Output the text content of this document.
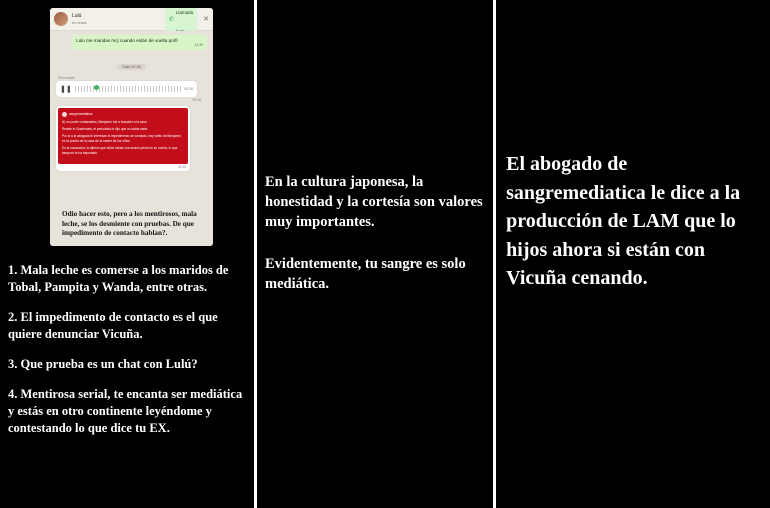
Lulú
en línea	✆
Llamada

✕
Lulu me mandas mcj cuando están de vuelta porfi
13:39
Date 02:36
Reenviado
❚❚	00:28
04:18
sangremediatica

A) no poder contactarlos, Benjamín fue a buscarlo a la casa

Reside in Guatemala, el periodista le dijo que no sabía nada

Por si a la abogada le interesan el impedimento de contacto, hay video de Benjamín en la puerta de la casa de la madre de los niños

En la cucaracha, la dijeron que adiós iniciar una acción penal en su contra, lo que tampoco le ha importado.

02:36
Odio hacer esto, pero a los mentirosos, mala leche, se los desmiente con pruebas. De que impedimento de contacto hablan?.

1. Mala leche es comerse a los maridos de Tobal, Pampita y Wanda, entre otras.

2. El impedimento de contacto es el que quiere denunciar Vicuña.

3. Que prueba es un chat con Lulú?

4. Mentirosa serial, te encanta ser mediática y estás en otro continente leyéndome y contestando lo que dice tu EX.

En la cultura japonesa, la honestidad y la cortesía son valores muy importantes.

Evidentemente, tu sangre es solo mediática.

El abogado de sangremediatica le dice a la producción de LAM que lo hijos ahora si están con Vicuña cenando.
